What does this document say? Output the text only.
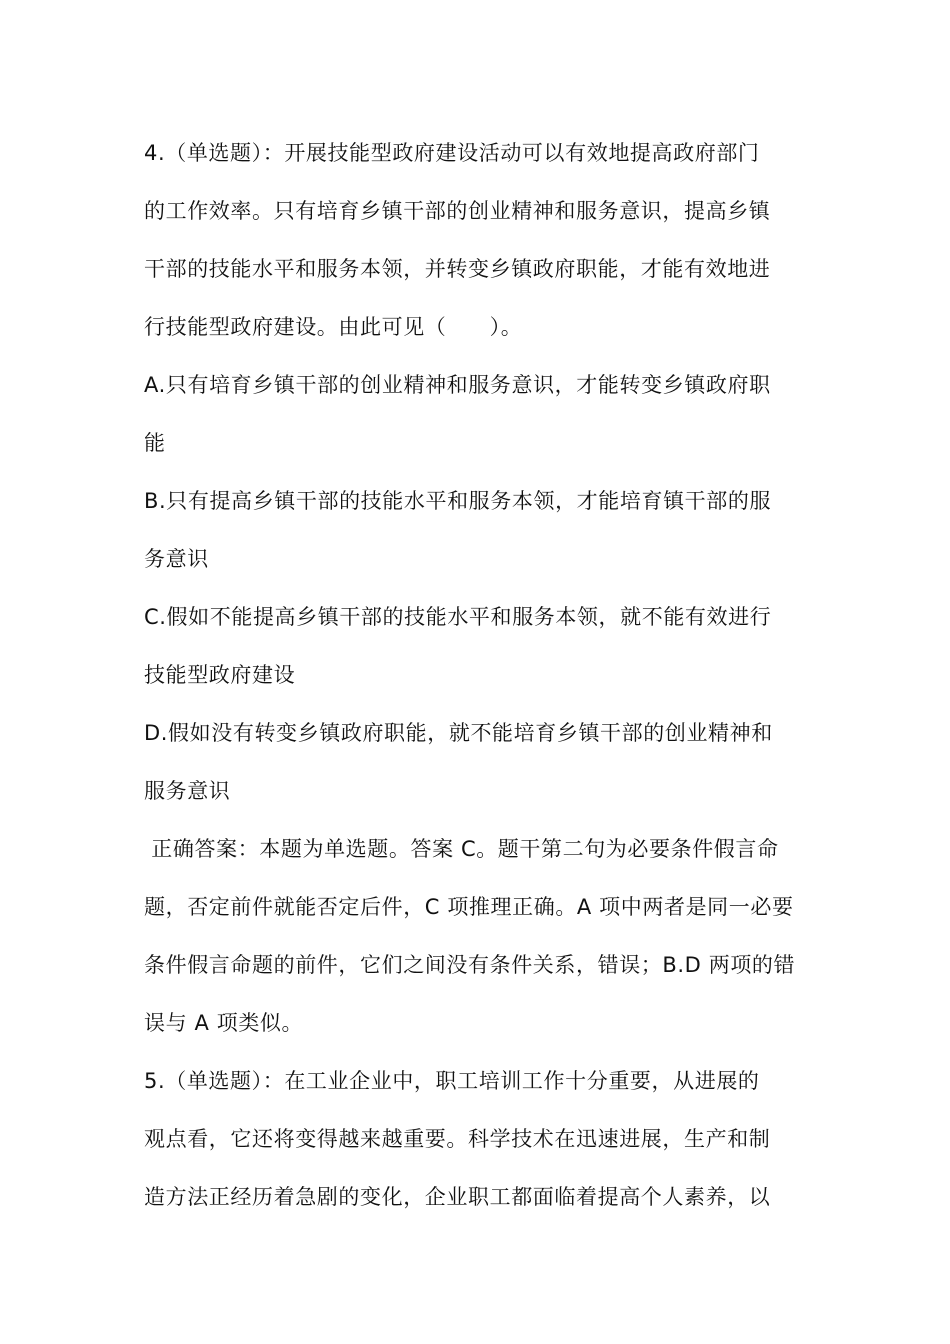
4.（单选题）：开展技能型政府建设活动可以有效地提高政府部门
的工作效率。只有培育乡镇干部的创业精神和服务意识，提高乡镇
干部的技能水平和服务本领，并转变乡镇政府职能，才能有效地进
行技能型政府建设。由此可见（　　）。
A.只有培育乡镇干部的创业精神和服务意识，才能转变乡镇政府职
能
B.只有提高乡镇干部的技能水平和服务本领，才能培育镇干部的服
务意识
C.假如不能提高乡镇干部的技能水平和服务本领，就不能有效进行
技能型政府建设
D.假如没有转变乡镇政府职能，就不能培育乡镇干部的创业精神和
服务意识
正确答案：本题为单选题。答案 C。题干第二句为必要条件假言命
题，否定前件就能否定后件，C 项推理正确。A 项中两者是同一必要
条件假言命题的前件，它们之间没有条件关系，错误；B.D 两项的错
误与 A 项类似。
5.（单选题）：在工业企业中，职工培训工作十分重要，从进展的
观点看，它还将变得越来越重要。科学技术在迅速进展，生产和制
造方法正经历着急剧的变化，企业职工都面临着提高个人素养，以
